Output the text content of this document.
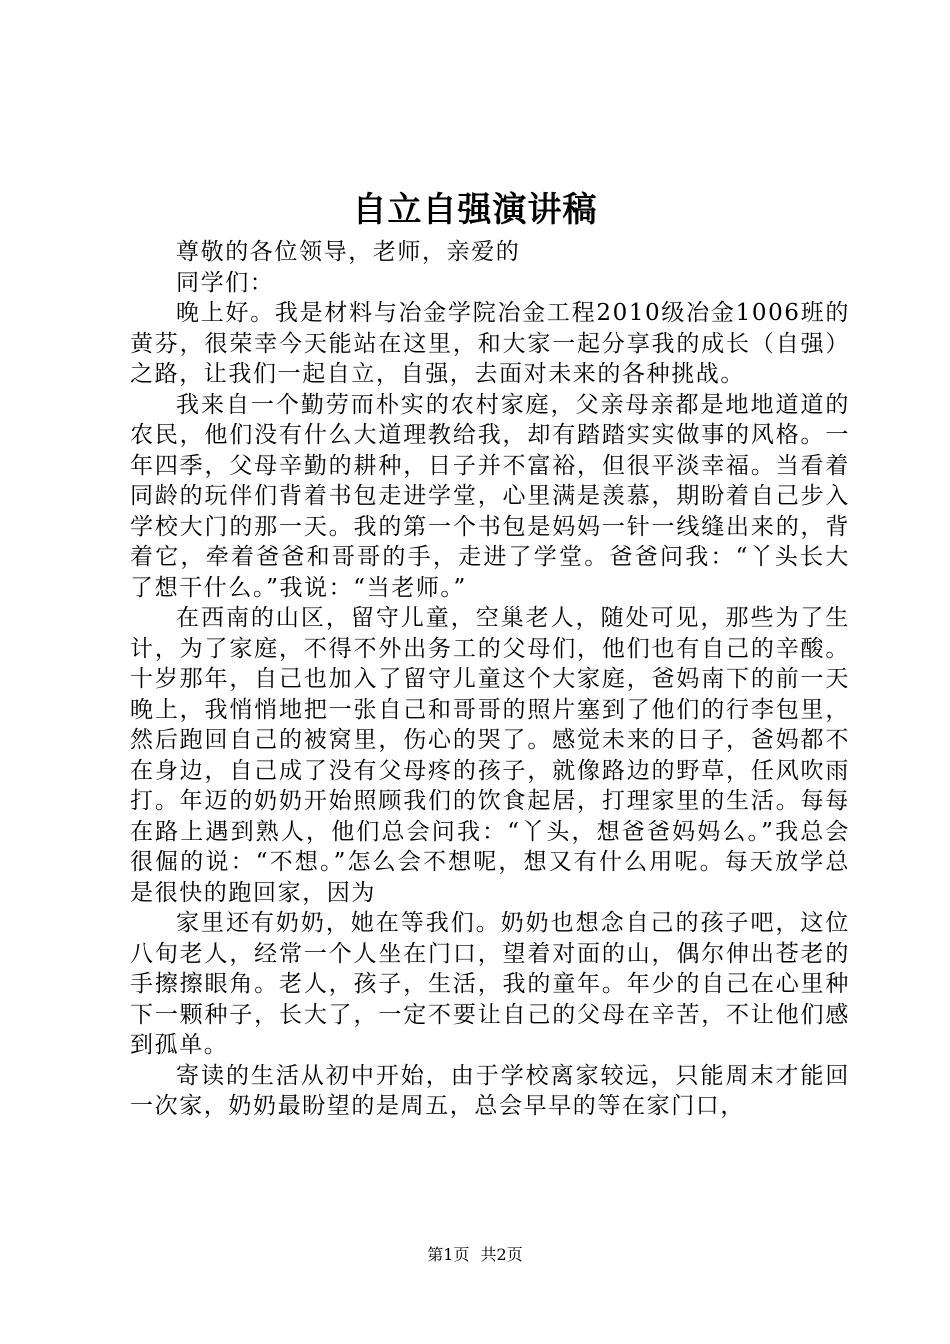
自立自强演讲稿

尊敬的各位领导，老师，亲爱的

同学们：

晚上好。我是材料与冶金学院冶金工程2010级冶金1006班的黄芬，很荣幸今天能站在这里，和大家一起分享我的成长（自强）之路，让我们一起自立，自强，去面对未来的各种挑战。

我来自一个勤劳而朴实的农村家庭，父亲母亲都是地地道道的农民，他们没有什么大道理教给我，却有踏踏实实做事的风格。一年四季，父母辛勤的耕种，日子并不富裕，但很平淡幸福。当看着同龄的玩伴们背着书包走进学堂，心里满是羡慕，期盼着自己步入学校大门的那一天。我的第一个书包是妈妈一针一线缝出来的，背着它，牵着爸爸和哥哥的手，走进了学堂。爸爸问我：“丫头长大了想干什么。”我说：“当老师。”

在西南的山区，留守儿童，空巢老人，随处可见，那些为了生计，为了家庭，不得不外出务工的父母们，他们也有自己的辛酸。十岁那年，自己也加入了留守儿童这个大家庭，爸妈南下的前一天晚上，我悄悄地把一张自己和哥哥的照片塞到了他们的行李包里，然后跑回自己的被窝里，伤心的哭了。感觉未来的日子，爸妈都不在身边，自己成了没有父母疼的孩子，就像路边的野草，任风吹雨打。年迈的奶奶开始照顾我们的饮食起居，打理家里的生活。每每在路上遇到熟人，他们总会问我：“丫头，想爸爸妈妈么。”我总会很倔的说：“不想。”怎么会不想呢，想又有什么用呢。每天放学总是很快的跑回家，因为

家里还有奶奶，她在等我们。奶奶也想念自己的孩子吧，这位八旬老人，经常一个人坐在门口，望着对面的山，偶尔伸出苍老的手擦擦眼角。老人，孩子，生活，我的童年。年少的自己在心里种下一颗种子，长大了，一定不要让自己的父母在辛苦，不让他们感到孤单。

寄读的生活从初中开始，由于学校离家较远，只能周末才能回一次家，奶奶最盼望的是周五，总会早早的等在家门口，

第1页 共2页
